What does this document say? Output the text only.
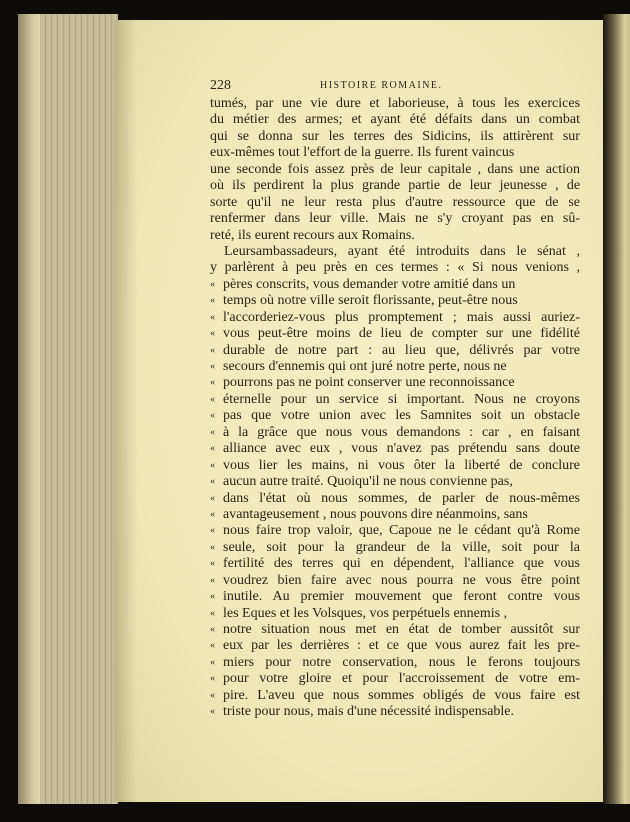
228	HISTOIRE ROMAINE.
tumés, par une vie dure et laborieuse, à tous les exercices
du métier des armes; et ayant été défaits dans un combat
qui se donna sur les terres des Sidicins, ils attirèrent sur
eux-mêmes tout l'effort de la guerre. Ils furent vaincus
une seconde fois assez près de leur capitale , dans une action
où ils perdirent la plus grande partie de leur jeunesse , de
sorte qu'il ne leur resta plus d'autre ressource que de se
renfermer dans leur ville. Mais ne s'y croyant pas en sû-
reté, ils eurent recours aux Romains.
Leursambassadeurs, ayant été introduits dans le sénat ,
y parlèrent à peu près en ces termes : « Si nous venions ,
« pères conscrits, vous demander votre amitié dans un
« temps où notre ville seroit florissante, peut-être nous
« l'accorderiez-vous plus promptement ; mais aussi auriez-
« vous peut-être moins de lieu de compter sur une fidélité
« durable de notre part : au lieu que, délivrés par votre
« secours d'ennemis qui ont juré notre perte, nous ne
« pourrons pas ne point conserver une reconnoissance
« éternelle pour un service si important. Nous ne croyons
« pas que votre union avec les Samnites soit un obstacle
« à la grâce que nous vous demandons : car , en faisant
« alliance avec eux , vous n'avez pas prétendu sans doute
« vous lier les mains, ni vous ôter la liberté de conclure
« aucun autre traité. Quoiqu'il ne nous convienne pas,
« dans l'état où nous sommes, de parler de nous-mêmes
« avantageusement , nous pouvons dire néanmoins, sans
« nous faire trop valoir, que, Capoue ne le cédant qu'à Rome
« seule, soit pour la grandeur de la ville, soit pour la
« fertilité des terres qui en dépendent, l'alliance que vous
« voudrez bien faire avec nous pourra ne vous être point
« inutile. Au premier mouvement que feront contre vous
« les Eques et les Volsques, vos perpétuels ennemis ,
« notre situation nous met en état de tomber aussitôt sur
« eux par les derrières : et ce que vous aurez fait les pre-
« miers pour notre conservation, nous le ferons toujours
« pour votre gloire et pour l'accroissement de votre em-
« pire. L'aveu que nous sommes obligés de vous faire est
« triste pour nous, mais d'une nécessité indispensable.
